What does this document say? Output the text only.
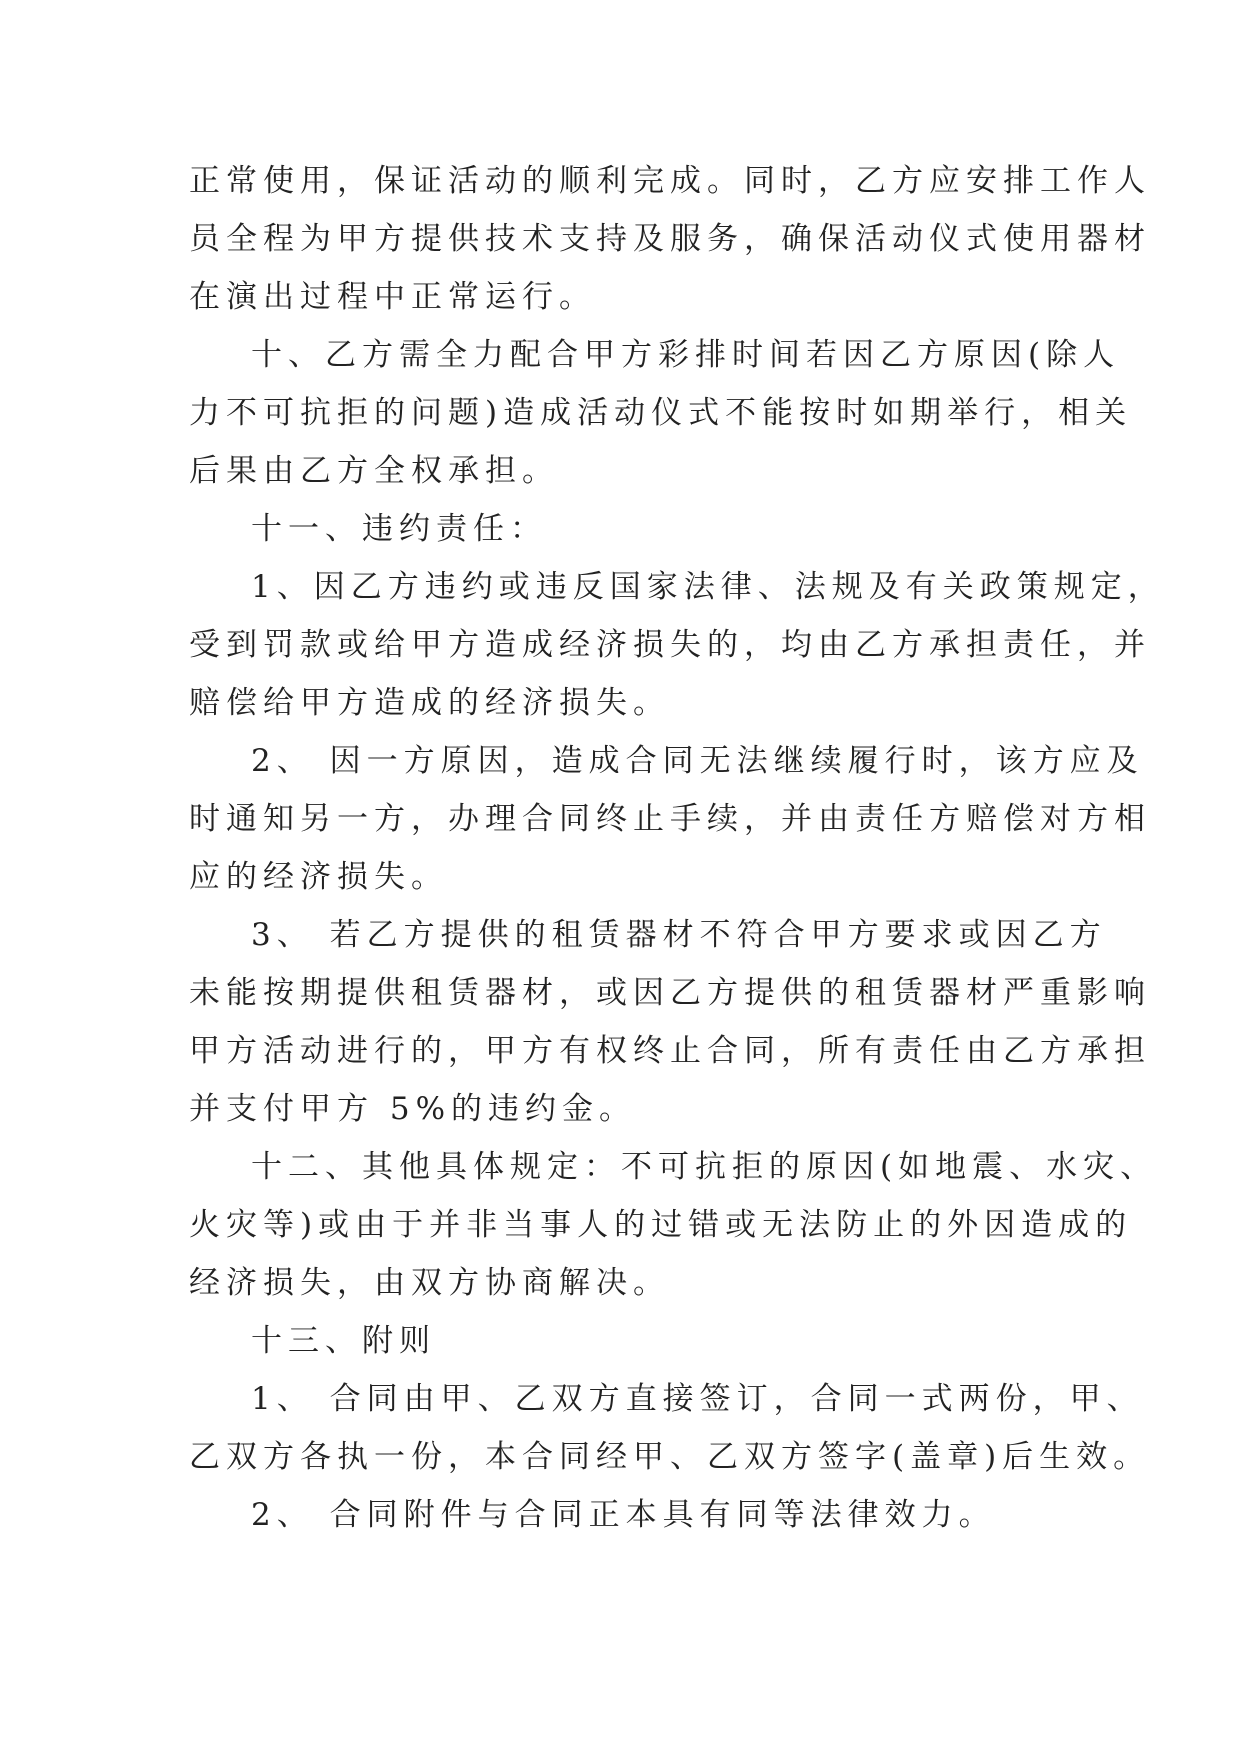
正常使用，保证活动的顺利完成。同时，乙方应安排工作人
员全程为甲方提供技术支持及服务，确保活动仪式使用器材
在演出过程中正常运行。
十、乙方需全力配合甲方彩排时间若因乙方原因(除人
力不可抗拒的问题)造成活动仪式不能按时如期举行，相关
后果由乙方全权承担。
十一、违约责任：
1、因乙方违约或违反国家法律、法规及有关政策规定，
受到罚款或给甲方造成经济损失的，均由乙方承担责任，并
赔偿给甲方造成的经济损失。
2、 因一方原因，造成合同无法继续履行时，该方应及
时通知另一方，办理合同终止手续，并由责任方赔偿对方相
应的经济损失。
3、 若乙方提供的租赁器材不符合甲方要求或因乙方
未能按期提供租赁器材，或因乙方提供的租赁器材严重影响
甲方活动进行的，甲方有权终止合同，所有责任由乙方承担
并支付甲方 5%的违约金。
十二、其他具体规定：不可抗拒的原因(如地震、水灾、
火灾等)或由于并非当事人的过错或无法防止的外因造成的
经济损失，由双方协商解决。
十三、附则
1、 合同由甲、乙双方直接签订，合同一式两份，甲、
乙双方各执一份，本合同经甲、乙双方签字(盖章)后生效。
2、 合同附件与合同正本具有同等法律效力。
